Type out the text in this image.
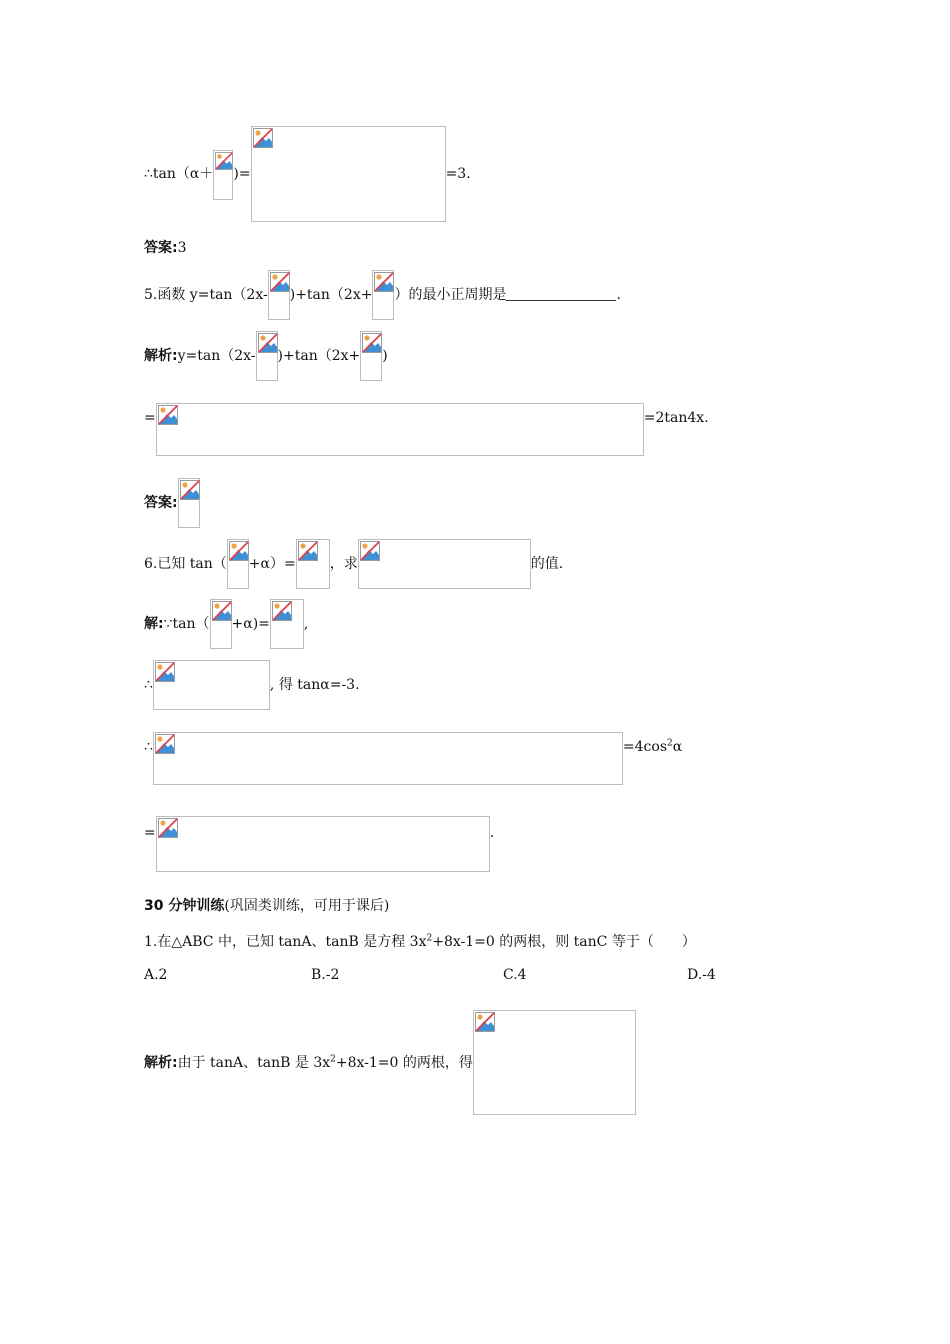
∴tan（α＋ )=	=3.
答案: 3
5.函数 y=tan（2x- )+tan（2x+ ）的最小正周期是	.
解析: y=tan（2x- )+tan（2x+ )
=	=2tan4x.
答案:
6.已知 tan（ +α）= ，求	的值.
解: ∵tan（ +α)= ,
∴	, 得 tanα=-3.
∴	$=4\cos^2\alpha$
=	.
30 分钟训练 (巩固类训练，可用于课后)
1.在△ABC 中，已知 tanA、tanB 是方程 $3x^2+8x-1=0$ 的两根，则 tanC 等于（　　）
A.2	B.-2	C.4	D.-4
解析: 由于 tanA、tanB 是 $3x^2+8x-1=0$ 的两根，得
